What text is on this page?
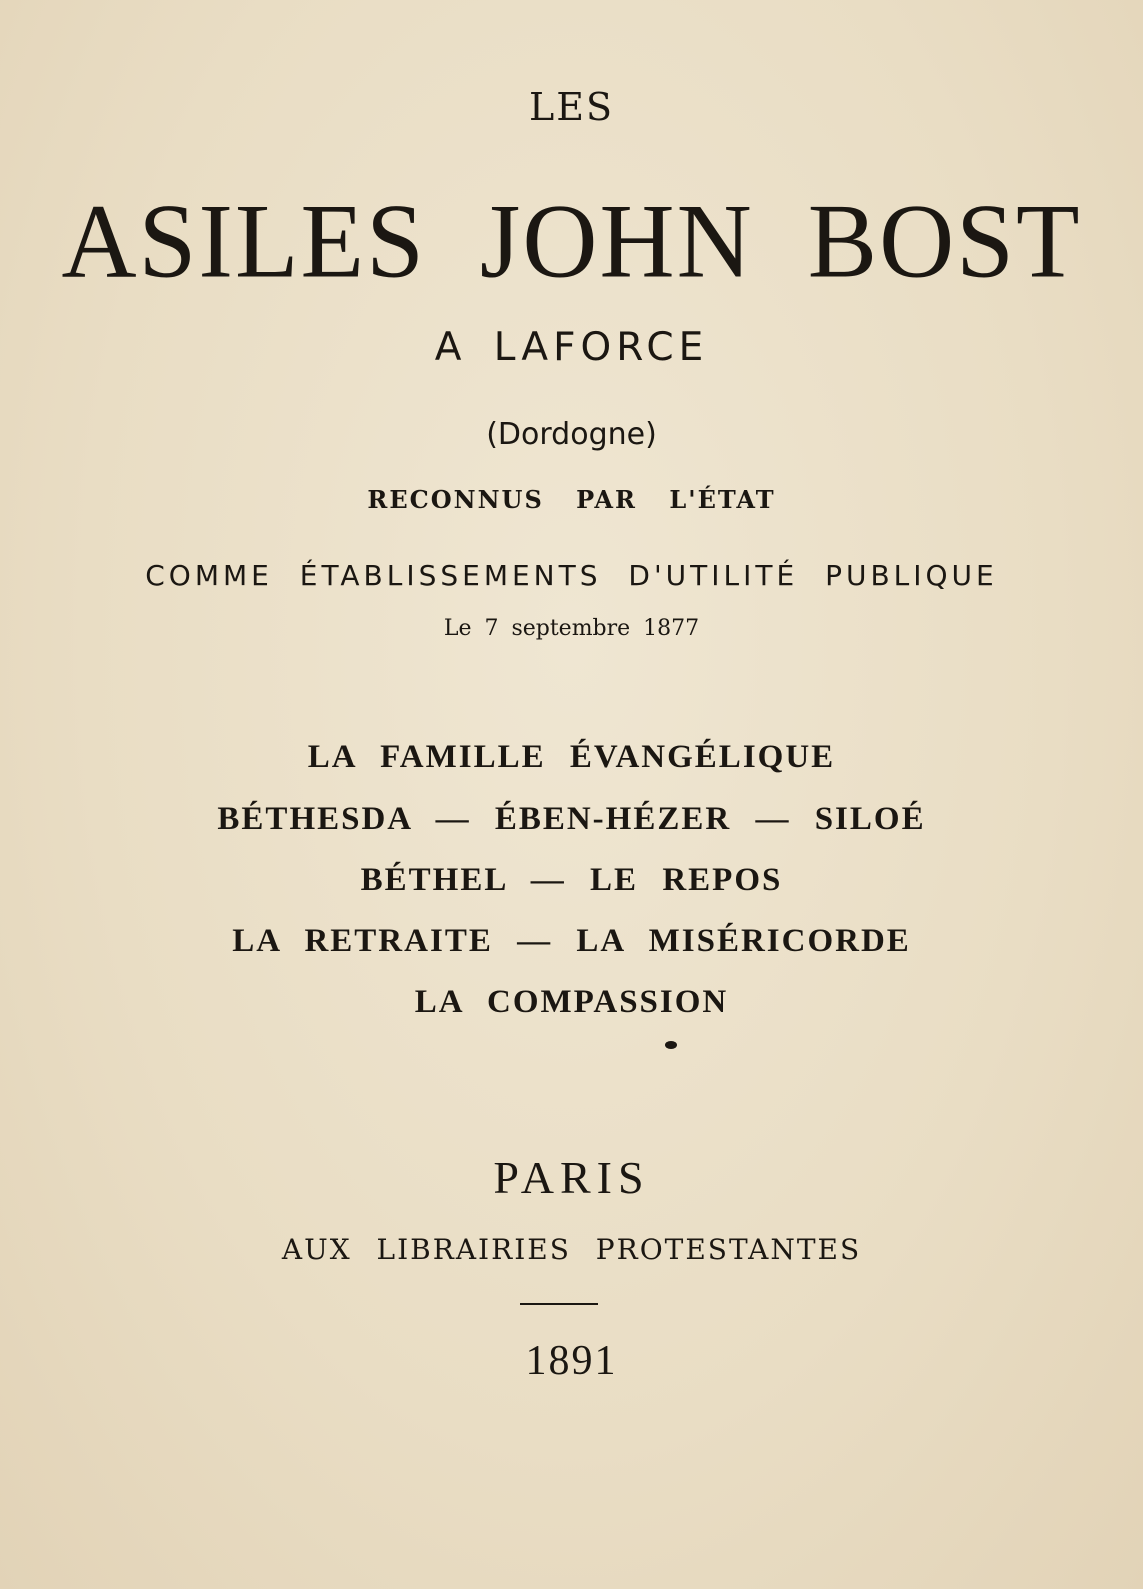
LES
ASILES JOHN BOST
A LAFORCE
(Dordogne)
RECONNUS PAR L'ÉTAT
COMME ÉTABLISSEMENTS D'UTILITÉ PUBLIQUE
Le 7 septembre 1877
LA FAMILLE ÉVANGÉLIQUE
BÉTHESDA — ÉBEN-HÉZER — SILOÉ
BÉTHEL — LE REPOS
LA RETRAITE — LA MISÉRICORDE
LA COMPASSION
PARIS
AUX LIBRAIRIES PROTESTANTES
1891
